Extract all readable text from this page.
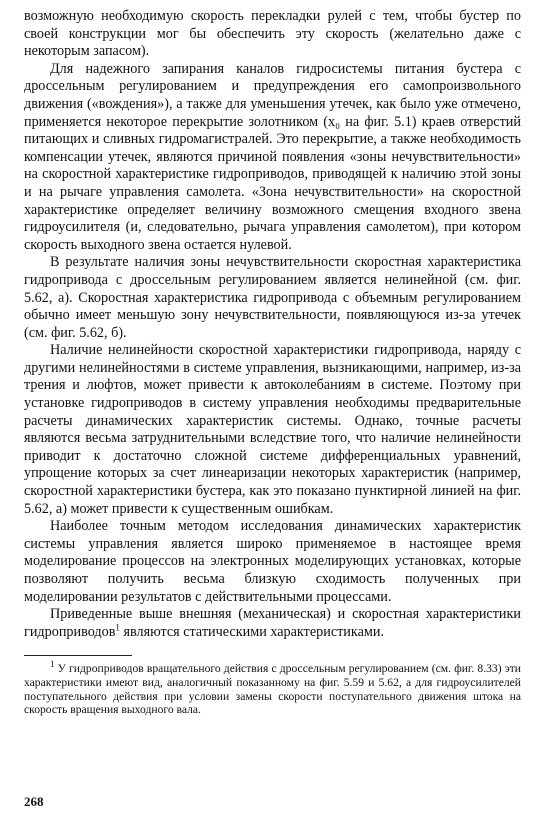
возможную необходимую скорость перекладки рулей с тем, чтобы бустер по своей конструкции мог бы обеспечить эту скорость (желательно даже с некоторым запасом).

Для надежного запирания каналов гидросистемы питания бустера с дроссельным регулированием и предупреждения его самопроизвольного движения («вождения»), а также для уменьшения утечек, как было уже отмечено, применяется некоторое перекрытие золотником (x₀ на фиг. 5.1) краев отверстий питающих и сливных гидромагистралей. Это перекрытие, а также необходимость компенсации утечек, являются причиной появления «зоны нечувствительности» на скоростной характеристике гидроприводов, приводящей к наличию этой зоны и на рычаге управления самолета. «Зона нечувствительности» на скоростной характеристике определяет величину возможного смещения входного звена гидроусилителя (и, следовательно, рычага управления самолетом), при котором скорость выходного звена остается нулевой.

В результате наличия зоны нечувствительности скоростная характеристика гидропривода с дроссельным регулированием является нелинейной (см. фиг. 5.62, а). Скоростная характеристика гидропривода с объемным регулированием обычно имеет меньшую зону нечувствительности, появляющуюся из-за утечек (см. фиг. 5.62, б).

Наличие нелинейности скоростной характеристики гидропривода, наряду с другими нелинейностями в системе управления, вызникающими, например, из-за трения и люфтов, может привести к автоколебаниям в системе. Поэтому при установке гидроприводов в систему управления необходимы предварительные расчеты динамических характеристик системы. Однако, точные расчеты являются весьма затруднительными вследствие того, что наличие нелинейности приводит к достаточно сложной системе дифференциальных уравнений, упрощение которых за счет линеаризации некоторых характеристик (например, скоростной характеристики бустера, как это показано пунктирной линией на фиг. 5.62, а) может привести к существенным ошибкам.

Наиболее точным методом исследования динамических характеристик системы управления является широко применяемое в настоящее время моделирование процессов на электронных моделирующих установках, которые позволяют получить весьма близкую сходимость полученных при моделировании результатов с действительными процессами.

Приведенные выше внешняя (механическая) и скоростная характеристики гидроприводов$^1$ являются статическими характеристиками.

$^1$ У гидроприводов вращательного действия с дроссельным регулированием (см. фиг. 8.33) эти характеристики имеют вид, аналогичный показанному на фиг. 5.59 и 5.62, а для гидроусилителей поступательного действия при условии замены скорости поступательного движения штока на скорость вращения выходного вала.

268
